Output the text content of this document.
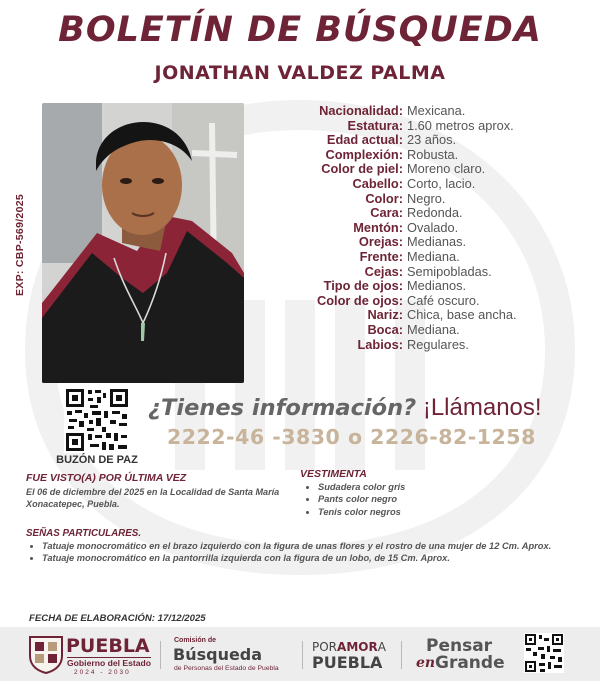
BOLETÍN DE BÚSQUEDA
JONATHAN VALDEZ PALMA
EXP: CBP-569/2025
Nacionalidad: Mexicana.
Estatura: 1.60 metros aprox.
Edad actual: 23 años.
Complexión: Robusta.
Color de piel: Moreno claro.
Cabello: Corto, lacio.
Color: Negro.
Cara: Redonda.
Mentón: Ovalado.
Orejas: Medianas.
Frente: Mediana.
Cejas: Semipobladas.
Tipo de ojos: Medianos.
Color de ojos: Café oscuro.
Nariz: Chica, base ancha.
Boca: Mediana.
Labios: Regulares.
BUZÓN DE PAZ
¿Tienes información? ¡Llámanos!
2222-46 -3830 o 2226-82-1258
FUE VISTO(A) POR ÚLTIMA VEZ
El 06 de diciembre del 2025 en la Localidad de Santa María Xonacatepec, Puebla.
VESTIMENTA
• Sudadera color gris
• Pants color negro
• Tenis color negros
SEÑAS PARTICULARES.
• Tatuaje monocromático en el brazo izquierdo con la figura de unas flores y el rostro de una mujer de 12 Cm. Aprox.
• Tatuaje monocromático en la pantorrilla izquierda con la figura de un lobo, de 15 Cm. Aprox.
FECHA DE ELABORACIÓN: 17/12/2025
PUEBLA
Gobierno del Estado
2024 - 2030
Comisión de
Búsqueda
de Personas del Estado de Puebla
PORAMORA
PUEBLA
Pensar
en Grande
